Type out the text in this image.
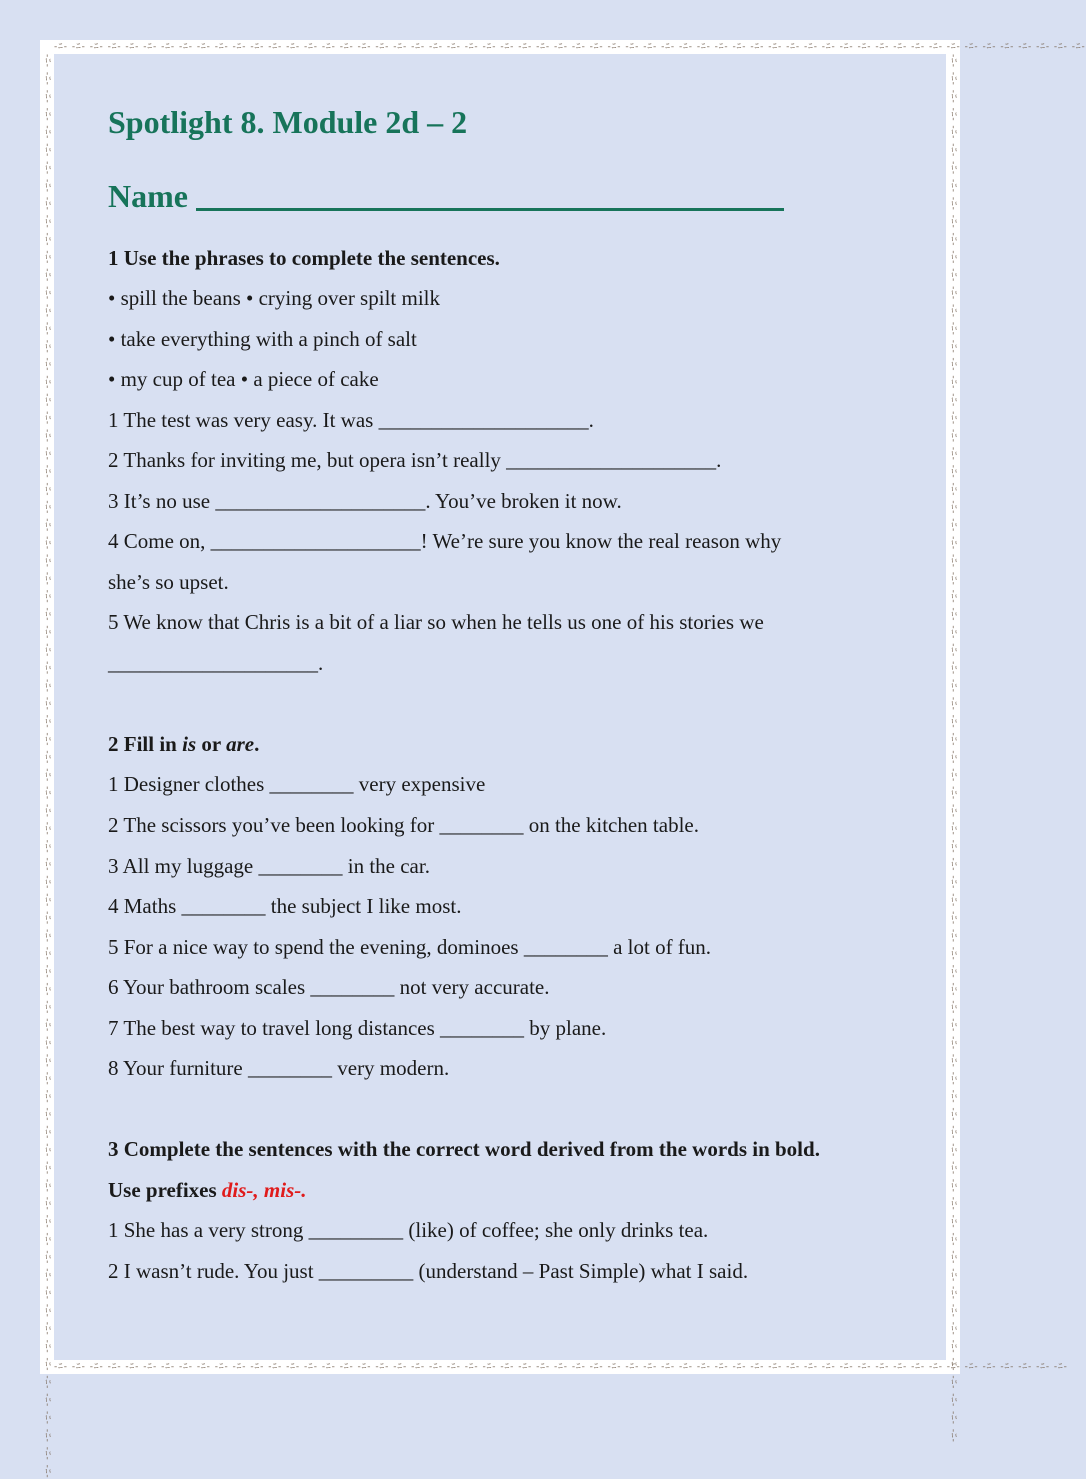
-ﾆ- -ﾆ- -ﾆ- -ﾆ- -ﾆ- -ﾆ- -ﾆ- -ﾆ- -ﾆ- -ﾆ- -ﾆ- -ﾆ- -ﾆ- -ﾆ- -ﾆ- -ﾆ- -ﾆ- -ﾆ- -ﾆ- -ﾆ- -ﾆ- -ﾆ- -ﾆ- -ﾆ- -ﾆ- -ﾆ- -ﾆ- -ﾆ- -ﾆ- -ﾆ- -ﾆ- -ﾆ- -ﾆ- -ﾆ- -ﾆ- -ﾆ- -ﾆ- -ﾆ- -ﾆ- -ﾆ- -ﾆ- -ﾆ- -ﾆ- -ﾆ- -ﾆ- -ﾆ- -ﾆ- -ﾆ- -ﾆ- -ﾆ- -ﾆ- -ﾆ- -ﾆ- -ﾆ- -ﾆ- -ﾆ- -ﾆ- -ﾆ-
-ﾆ- -ﾆ- -ﾆ- -ﾆ- -ﾆ- -ﾆ- -ﾆ- -ﾆ- -ﾆ- -ﾆ- -ﾆ- -ﾆ- -ﾆ- -ﾆ- -ﾆ- -ﾆ- -ﾆ- -ﾆ- -ﾆ- -ﾆ- -ﾆ- -ﾆ- -ﾆ- -ﾆ- -ﾆ- -ﾆ- -ﾆ- -ﾆ- -ﾆ- -ﾆ- -ﾆ- -ﾆ- -ﾆ- -ﾆ- -ﾆ- -ﾆ- -ﾆ- -ﾆ- -ﾆ- -ﾆ- -ﾆ- -ﾆ- -ﾆ- -ﾆ- -ﾆ- -ﾆ- -ﾆ- -ﾆ- -ﾆ- -ﾆ- -ﾆ- -ﾆ- -ﾆ- -ﾆ- -ﾆ- -ﾆ- -ﾆ-
-ﾆ- -ﾆ- -ﾆ- -ﾆ- -ﾆ- -ﾆ- -ﾆ- -ﾆ- -ﾆ- -ﾆ- -ﾆ- -ﾆ- -ﾆ- -ﾆ- -ﾆ- -ﾆ- -ﾆ- -ﾆ- -ﾆ- -ﾆ- -ﾆ- -ﾆ- -ﾆ- -ﾆ- -ﾆ- -ﾆ- -ﾆ- -ﾆ- -ﾆ- -ﾆ- -ﾆ- -ﾆ- -ﾆ- -ﾆ- -ﾆ- -ﾆ- -ﾆ- -ﾆ- -ﾆ- -ﾆ- -ﾆ- -ﾆ- -ﾆ- -ﾆ- -ﾆ- -ﾆ- -ﾆ- -ﾆ- -ﾆ- -ﾆ- -ﾆ- -ﾆ- -ﾆ- -ﾆ- -ﾆ- -ﾆ- -ﾆ- -ﾆ- -ﾆ- -ﾆ- -ﾆ- -ﾆ- -ﾆ- -ﾆ- -ﾆ- -ﾆ- -ﾆ- -ﾆ- -ﾆ- -ﾆ- -ﾆ- -ﾆ- -ﾆ- -ﾆ- -ﾆ- -ﾆ- -ﾆ- -ﾆ- -ﾆ- -ﾆ-	-ﾆ- -ﾆ- -ﾆ- -ﾆ- -ﾆ- -ﾆ- -ﾆ- -ﾆ- -ﾆ- -ﾆ- -ﾆ- -ﾆ- -ﾆ- -ﾆ- -ﾆ- -ﾆ- -ﾆ- -ﾆ- -ﾆ- -ﾆ- -ﾆ- -ﾆ- -ﾆ- -ﾆ- -ﾆ- -ﾆ- -ﾆ- -ﾆ- -ﾆ- -ﾆ- -ﾆ- -ﾆ- -ﾆ- -ﾆ- -ﾆ- -ﾆ- -ﾆ- -ﾆ- -ﾆ- -ﾆ- -ﾆ- -ﾆ- -ﾆ- -ﾆ- -ﾆ- -ﾆ- -ﾆ- -ﾆ- -ﾆ- -ﾆ- -ﾆ- -ﾆ- -ﾆ- -ﾆ- -ﾆ- -ﾆ- -ﾆ- -ﾆ- -ﾆ- -ﾆ- -ﾆ- -ﾆ- -ﾆ- -ﾆ- -ﾆ- -ﾆ- -ﾆ- -ﾆ- -ﾆ- -ﾆ- -ﾆ- -ﾆ- -ﾆ- -ﾆ- -ﾆ- -ﾆ- -ﾆ- -ﾆ-
Spotlight 8. Module 2d – 2
Name

1 Use the phrases to complete the sentences.

• spill the beans • crying over spilt milk

• take everything with a pinch of salt

• my cup of tea • a piece of cake

1 The test was very easy. It was ____________________.

2 Thanks for inviting me, but opera isn’t really ____________________.

3 It’s no use ____________________. You’ve broken it now.

4 Come on, ____________________! We’re sure you know the real reason why

she’s so upset.

5 We know that Chris is a bit of a liar so when he tells us one of his stories we

____________________.

2 Fill in is or are.

1 Designer clothes ________ very expensive

2 The scissors you’ve been looking for ________ on the kitchen table.

3 All my luggage ________ in the car.

4 Maths ________ the subject I like most.

5 For a nice way to spend the evening, dominoes ________ a lot of fun.

6 Your bathroom scales ________ not very accurate.

7 The best way to travel long distances ________ by plane.

8 Your furniture ________ very modern.

3 Complete the sentences with the correct word derived from the words in bold.

Use prefixes dis-, mis-.

1 She has a very strong _________ (like) of coffee; she only drinks tea.

2 I wasn’t rude. You just _________ (understand – Past Simple) what I said.
